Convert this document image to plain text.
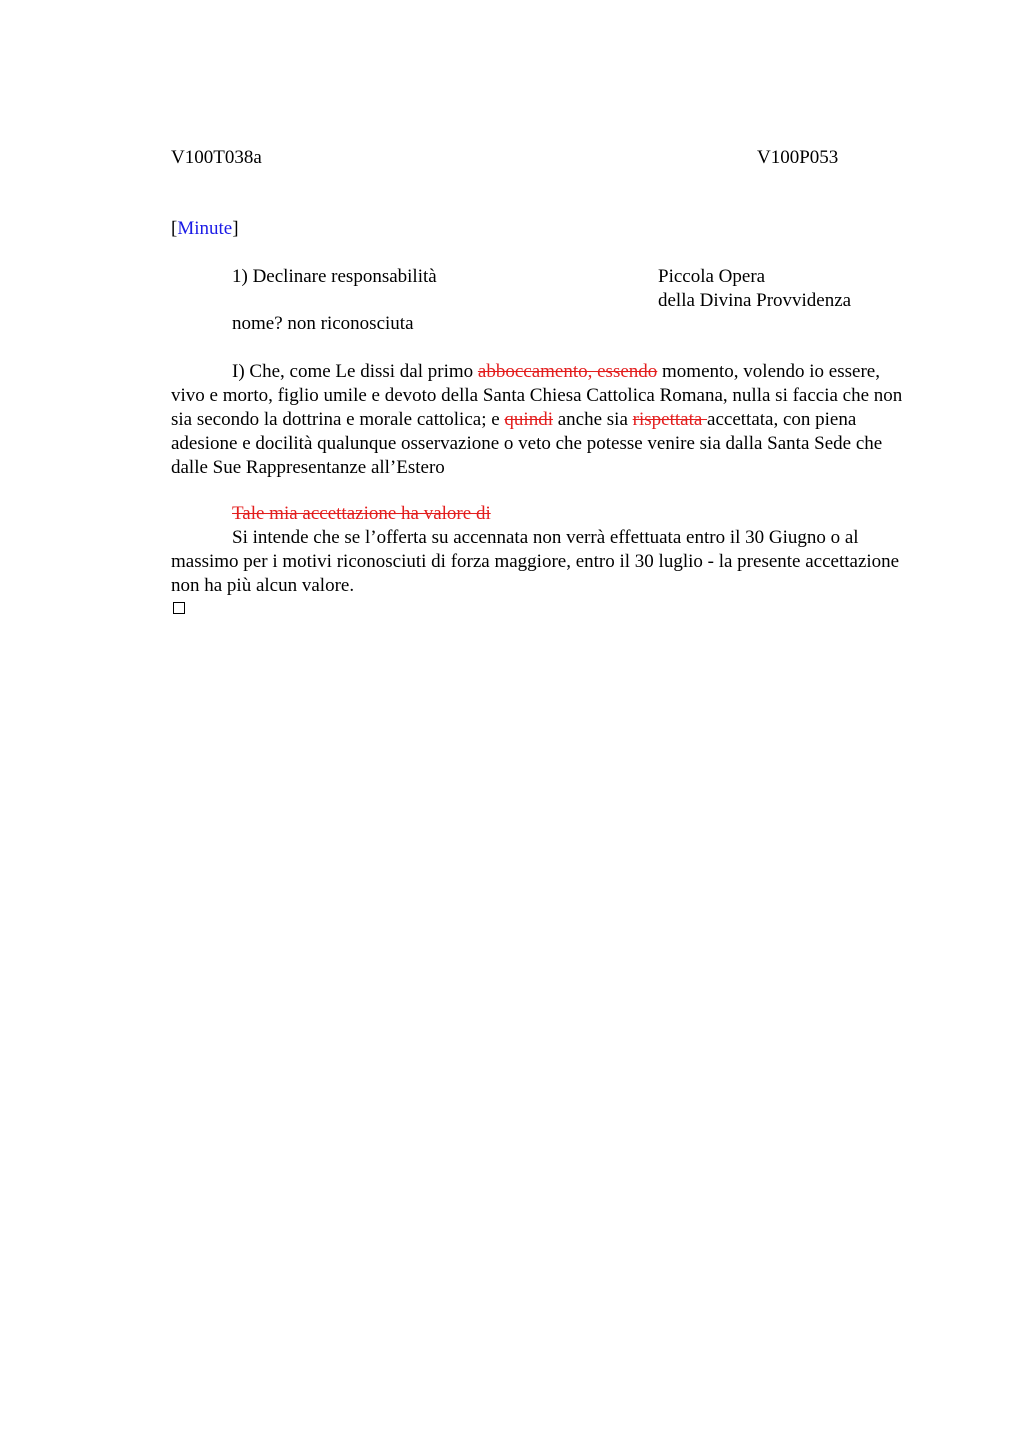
V100T038a	V100P053
[Minute]
1) Declinare responsabilità	Piccola Opera
della Divina Provvidenza
nome? non riconosciuta
I) Che, come Le dissi dal primo abboccamento, essendo momento, volendo io essere, vivo e morto, figlio umile e devoto della Santa Chiesa Cattolica Romana, nulla si faccia che non sia secondo la dottrina e morale cattolica; e quindi anche sia rispettata accettata, con piena adesione e docilità qualunque osservazione o veto che potesse venire sia dalla Santa Sede che dalle Sue Rappresentanze all’Estero
Tale mia accettazione ha valore di
Si intende che se l’offerta su accennata non verrà effettuata entro il 30 Giugno o al massimo per i motivi riconosciuti di forza maggiore, entro il 30 luglio - la presente accettazione non ha più alcun valore.
